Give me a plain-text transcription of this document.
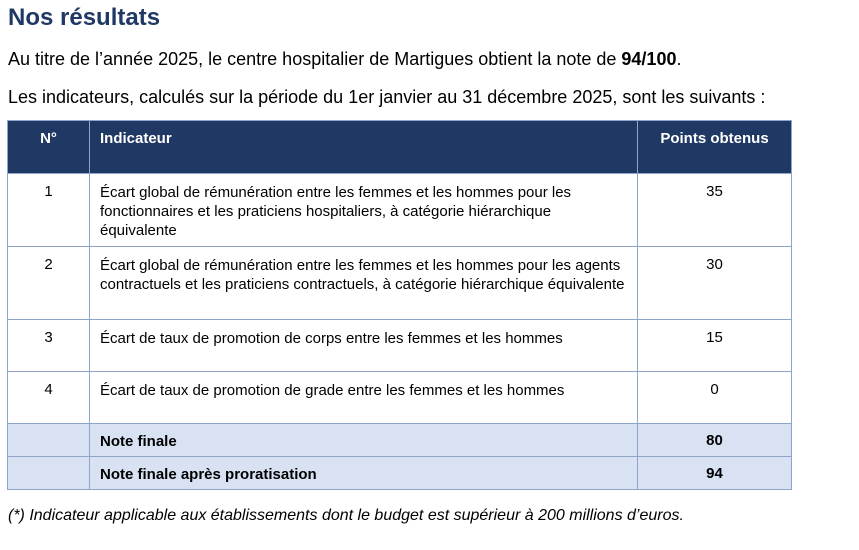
Nos résultats
Au titre de l’année 2025, le centre hospitalier de Martigues obtient la note de 94/100.
Les indicateurs, calculés sur la période du 1er janvier au 31 décembre 2025, sont les suivants :
N°	Indicateur	Points obtenus
1	Écart global de rémunération entre les femmes et les hommes pour les fonctionnaires et les praticiens hospitaliers, à catégorie hiérarchique équivalente	35
2	Écart global de rémunération entre les femmes et les hommes pour les agents contractuels et les praticiens contractuels, à catégorie hiérarchique équivalente	30
3	Écart de taux de promotion de corps entre les femmes et les hommes	15
4	Écart de taux de promotion de grade entre les femmes et les hommes	0
	Note finale	80
	Note finale après proratisation	94
(*) Indicateur applicable aux établissements dont le budget est supérieur à 200 millions d’euros.
